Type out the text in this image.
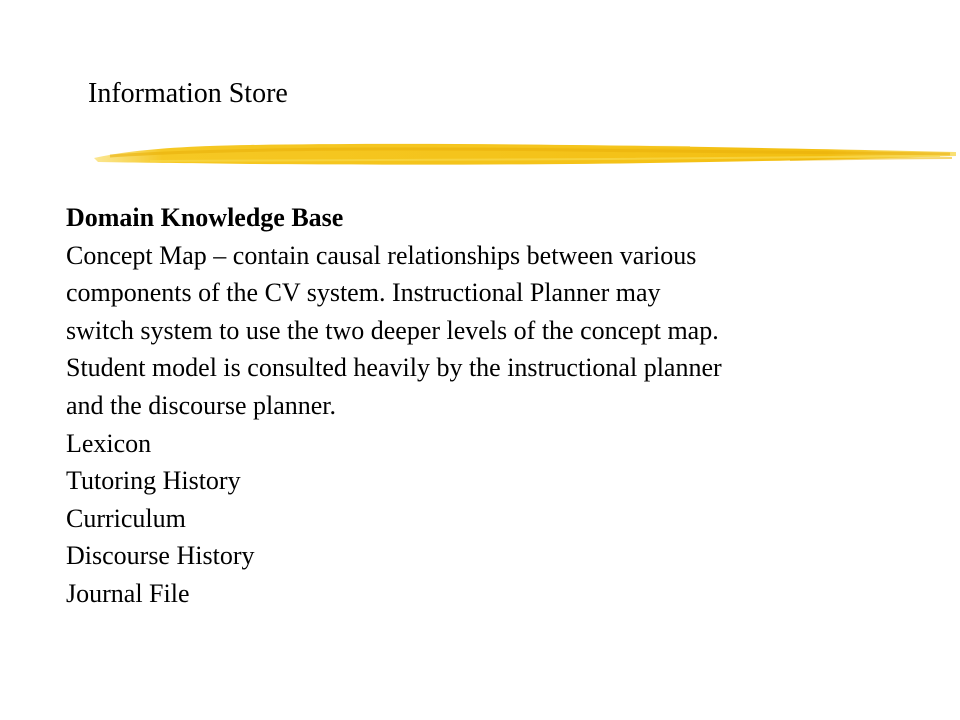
Information Store
Domain Knowledge Base
Concept Map – contain causal relationships between various
components of the CV system. Instructional Planner may
switch system to use the two deeper levels of the concept map.
Student model is consulted heavily by the instructional planner
and the discourse planner.
Lexicon
Tutoring History
Curriculum
Discourse History
Journal File
